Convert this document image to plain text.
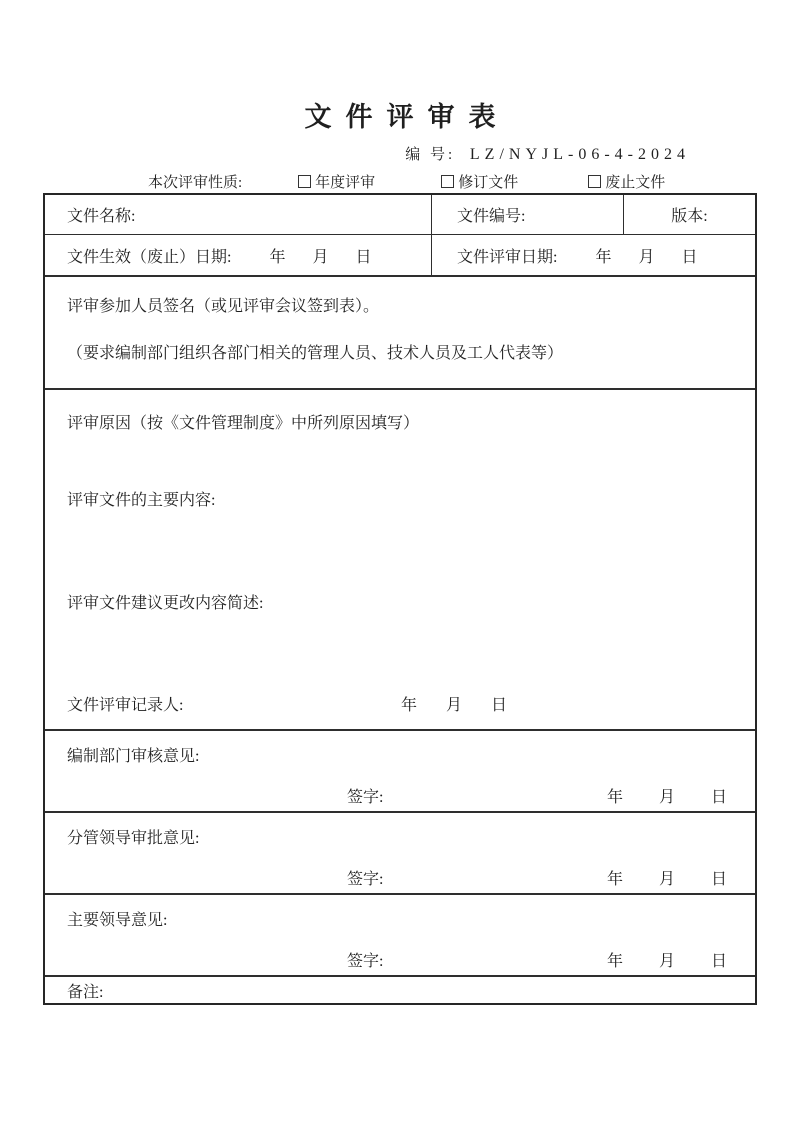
文件评审表
编 号: LZ/NYJL-06-4-2024
本次评审性质:	年度评审	修订文件	废止文件
文件名称:	文件编号:	版本:
文件生效（废止）日期: 年 月 日	文件评审日期: 年 月 日

评审参加人员签名（或见评审会议签到表）。

（要求编制部门组织各部门相关的管理人员、技术人员及工人代表等）

评审原因（按《文件管理制度》中所列原因填写）

评审文件的主要内容:

评审文件建议更改内容简述:

文件评审记录人:	年 月 日
编制部门审核意见:
签字:	年 月 日
分管领导审批意见:
签字:	年 月 日
主要领导意见:
签字:	年 月 日
备注:
